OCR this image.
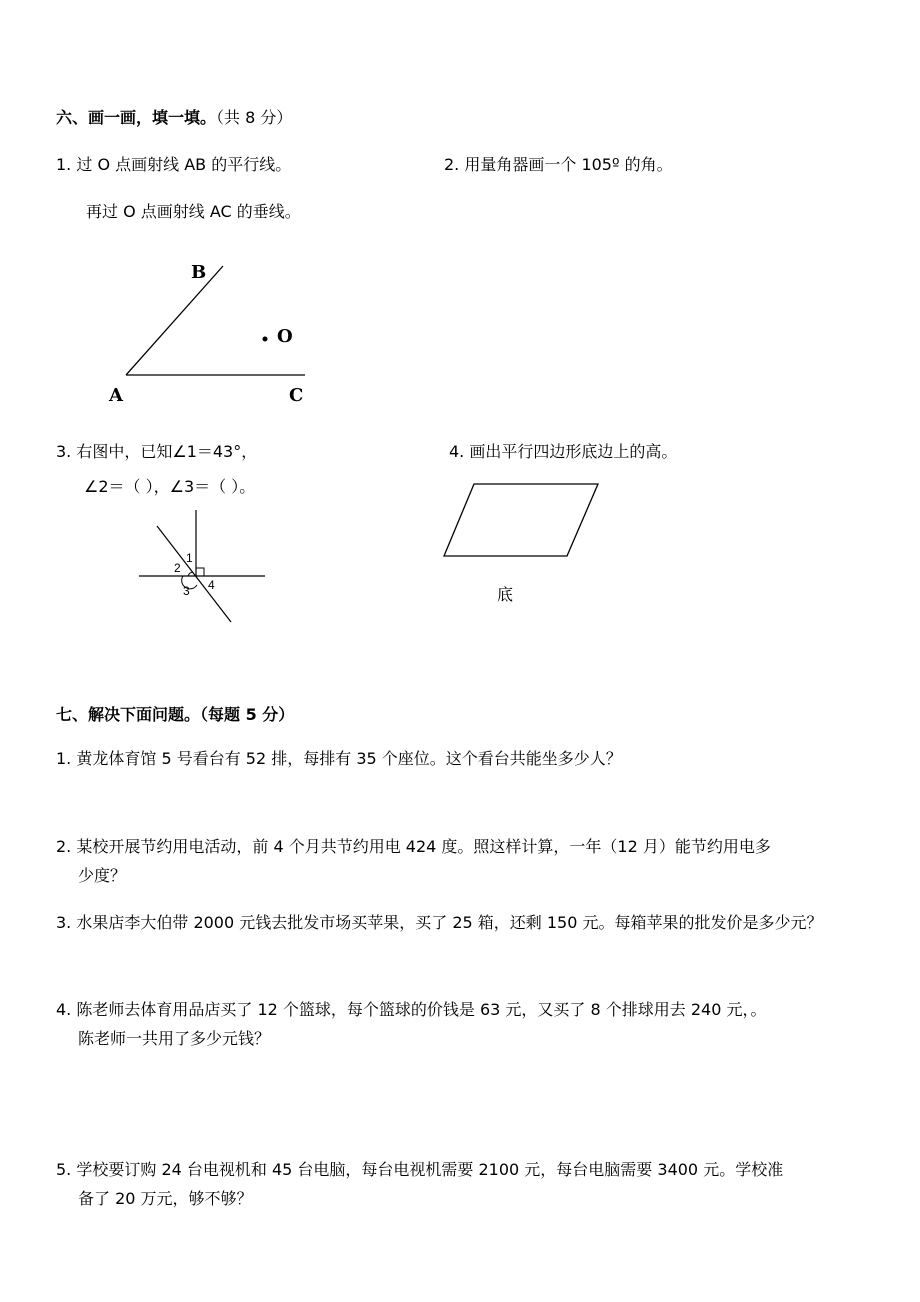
六、画一画，填一填。（共 8 分）
1. 过 O 点画射线 AB 的平行线。	2. 用量角器画一个 105º 的角。
再过 O 点画射线 AC 的垂线。
B
O
A	C
3. 右图中，已知∠1＝43°，	4. 画出平行四边形底边上的高。
∠2＝（ ），∠3＝（ ）。
1
2
3 4	底
七、解决下面问题。（每题 5 分）
1. 黄龙体育馆 5 号看台有 52 排，每排有 35 个座位。这个看台共能坐多少人？
2. 某校开展节约用电活动，前 4 个月共节约用电 424 度。照这样计算，一年（12 月）能节约用电多
少度？
3. 水果店李大伯带 2000 元钱去批发市场买苹果，买了 25 箱，还剩 150 元。每箱苹果的批发价是多少元？
4. 陈老师去体育用品店买了 12 个篮球，每个篮球的价钱是 63 元，又买了 8 个排球用去 240 元，。
陈老师一共用了多少元钱？
5. 学校要订购 24 台电视机和 45 台电脑，每台电视机需要 2100 元，每台电脑需要 3400 元。学校准
备了 20 万元，够不够？
